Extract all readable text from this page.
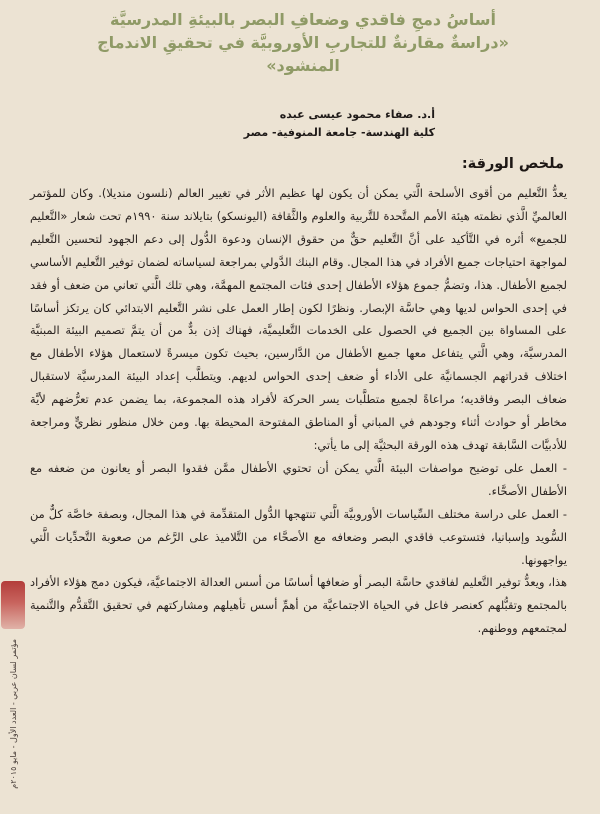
أساسُ دمجِ فاقدي وضعافِ البصر بالبيئةِ المدرسيَّة
«دراسةٌ مقارنةٌ للتجاربِ الأوروبيَّة في تحقيقِ الاندماج
المنشود»
أ.د. صفاء محمود عيسى عبده
كلية الهندسة- جامعة المنوفية- مصر
ملخص الورقة:

يعدُّ التَّعليم من أقوى الأسلحة الَّتي يمكن أن يكون لها عظيم الأثر في تغيير العالم (نلسون منديلا). وكان للمؤتمر العالميِّ الَّذي نظمته هيئة الأمم المتَّحدة للتَّربية والعلوم والثَّقافة (اليونسكو) بتايلاند سنة ١٩٩٠م تحت شعار «التَّعليم للجميع» أثره في التَّأكيد على أنَّ التَّعليم حقٌّ من حقوق الإنسان ودعوة الدُّول إلى دعم الجهود لتحسين التَّعليم لمواجهة احتياجات جميع الأفراد في هذا المجال. وقام البنك الدَّولي بمراجعة لسياساته لضمان توفير التَّعليم الأساسي لجميع الأطفال. هذا، وتضمُّ جموع هؤلاء الأطفال إحدى فئات المجتمع المهمَّة، وهي تلك الَّتي تعاني من ضعف أو فقد في إحدى الحواس لديها وهي حاسَّة الإبصار. ونظرًا لكون إطار العمل على نشر التَّعليم الابتدائي كان يرتكز أساسًا على المساواة بين الجميع في الحصول على الخدمات التَّعليميَّة، فهناك إذن بدٌّ من أن يتمَّ تصميم البيئة المبنيَّة المدرسيَّة، وهي الَّتي يتفاعل معها جميع الأطفال من الدَّارسين، بحيث تكون ميسرةً لاستعمال هؤلاء الأطفال مع اختلاف قدراتهم الجسمانيَّة على الأداء أو ضعف إحدى الحواس لديهم. ويتطلَّب إعداد البيئة المدرسيَّة لاستقبال ضعاف البصر وفاقديه؛ مراعاةً لجميع متطلَّبات يسر الحركة لأفراد هذه المجموعة، بما يضمن عدم تعرُّضهم لأيَّة مخاطر أو حوادث أثناء وجودهم في المباني أو المناطق المفتوحة المحيطة بها. ومن خلال منظور نظريٍّ ومراجعة للأدبيَّات السَّابقة تهدف هذه الورقة البحثيَّة إلى ما يأتي:

- العمل على توضيح مواصفات البيئة الَّتي يمكن أن تحتوي الأطفال ممَّن فقدوا البصر أو يعانون من ضعفه مع الأطفال الأصحَّاء.

- العمل على دراسة مختلف السِّياسات الأوروبيَّة الَّتي تنتهجها الدُّول المتقدِّمة في هذا المجال، وبصفة خاصَّة كلٌّ من السُّويد وإسبانيا، فتستوعب فاقدي البصر وضعافه مع الأصحَّاء من التَّلاميذ على الرَّغم من صعوبة التَّحدِّيات الَّتي يواجهونها.

هذا، ويعدُّ توفير التَّعليم لفاقدي حاسَّة البصر أو ضعافها أساسًا من أسس العدالة الاجتماعيَّة، فيكون دمج هؤلاء الأفراد بالمجتمع وتقبُّلهم كعنصر فاعل في الحياة الاجتماعيَّة من أهمِّ أسس تأهيلهم ومشاركتهم في تحقيق التَّقدُّم والتَّنمية لمجتمعهم ووطنهم.

مؤتمر لسان عربي - العدد الأول - مايو ٢٠١٥م
